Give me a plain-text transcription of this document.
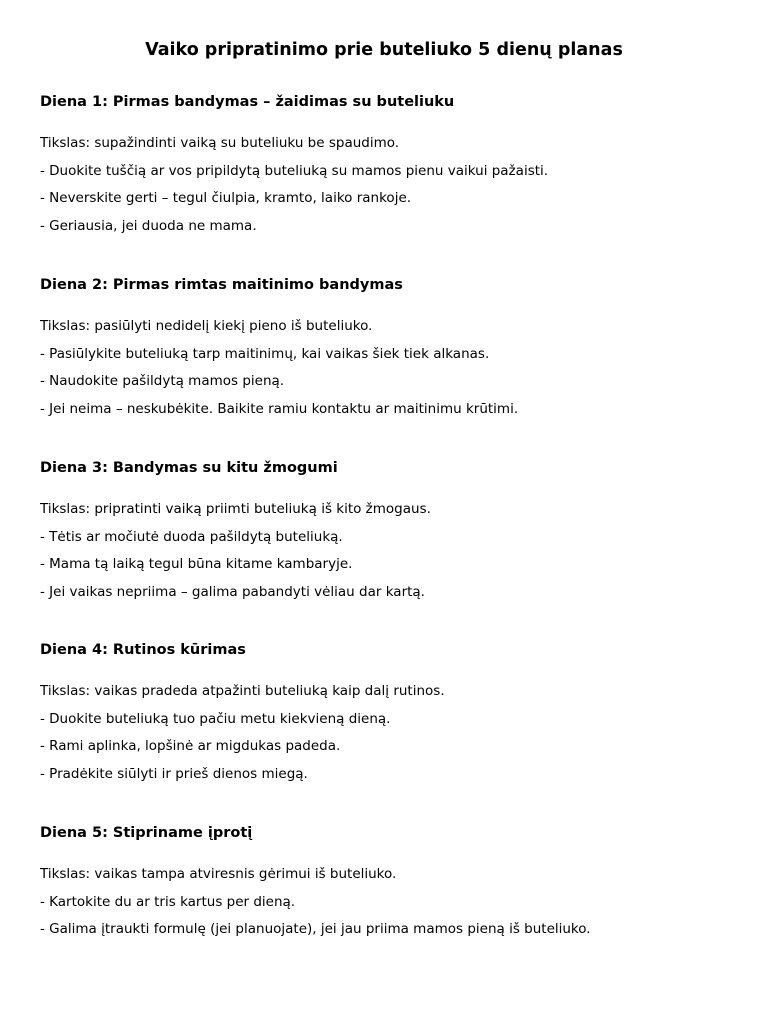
Vaiko pripratinimo prie buteliuko 5 dienų planas
Diena 1: Pirmas bandymas – žaidimas su buteliuku

Tikslas: supažindinti vaiką su buteliuku be spaudimo.

- Duokite tuščią ar vos pripildytą buteliuką su mamos pienu vaikui pažaisti.

- Neverskite gerti – tegul čiulpia, kramto, laiko rankoje.

- Geriausia, jei duoda ne mama.

Diena 2: Pirmas rimtas maitinimo bandymas

Tikslas: pasiūlyti nedidelį kiekį pieno iš buteliuko.

- Pasiūlykite buteliuką tarp maitinimų, kai vaikas šiek tiek alkanas.

- Naudokite pašildytą mamos pieną.

- Jei neima – neskubėkite. Baikite ramiu kontaktu ar maitinimu krūtimi.

Diena 3: Bandymas su kitu žmogumi

Tikslas: pripratinti vaiką priimti buteliuką iš kito žmogaus.

- Tėtis ar močiutė duoda pašildytą buteliuką.

- Mama tą laiką tegul būna kitame kambaryje.

- Jei vaikas nepriima – galima pabandyti vėliau dar kartą.

Diena 4: Rutinos kūrimas

Tikslas: vaikas pradeda atpažinti buteliuką kaip dalį rutinos.

- Duokite buteliuką tuo pačiu metu kiekvieną dieną.

- Rami aplinka, lopšinė ar migdukas padeda.

- Pradėkite siūlyti ir prieš dienos miegą.

Diena 5: Stipriname įprotį

Tikslas: vaikas tampa atviresnis gėrimui iš buteliuko.

- Kartokite du ar tris kartus per dieną.

- Galima įtraukti formulę (jei planuojate), jei jau priima mamos pieną iš buteliuko.
